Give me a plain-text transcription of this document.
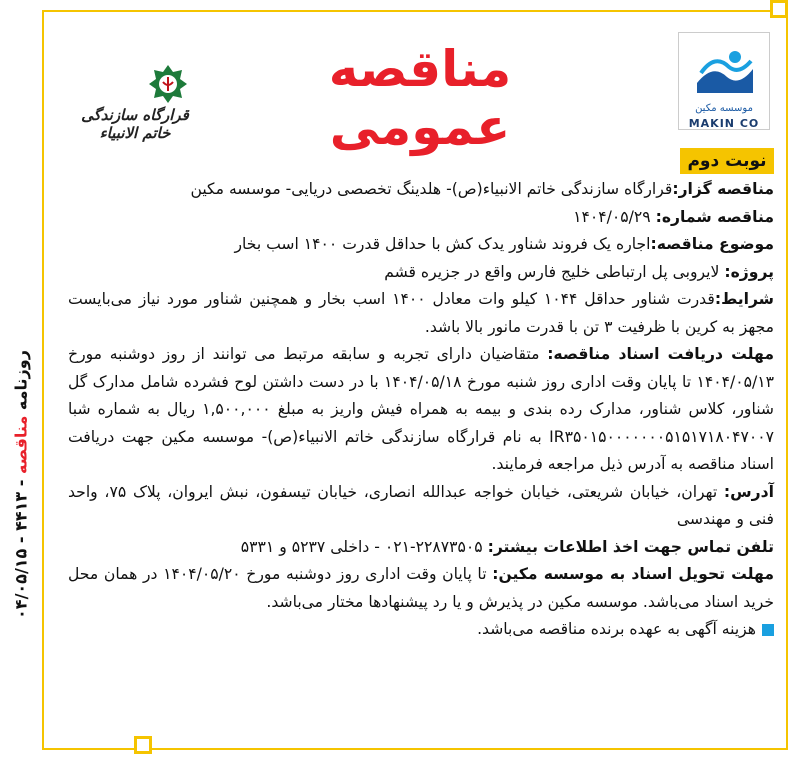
موسسه مکین
MAKIN CO
مناقصه عمومی
قرارگاه سازندگی خاتم الانبیاء
نوبت دوم

مناقصه گزار:قرارگاه سازندگی خاتم الانبیاء(ص)- هلدینگ تخصصی دریایی- موسسه مکین

مناقصه شماره: ۱۴۰۴/۰۵/۲۹

موضوع مناقصه:اجاره یک فروند شناور یدک کش با حداقل قدرت ۱۴۰۰ اسب بخار

پروژه: لایروبی پل ارتباطی خلیج فارس واقع در جزیره قشم

شرایط:قدرت شناور حداقل ۱۰۴۴ کیلو وات معادل ۱۴۰۰ اسب بخار و همچنین شناور مورد نیاز می‌بایست مجهز به کرین با ظرفیت ۳ تن با قدرت مانور بالا باشد.

مهلت دریافت اسناد مناقصه: متقاضیان دارای تجربه و سابقه مرتبط می توانند از روز دوشنبه مورخ ۱۴۰۴/۰۵/۱۳ تا پایان وقت اداری روز شنبه مورخ ۱۴۰۴/۰۵/۱۸ با در دست داشتن لوح فشرده شامل مدارک گل شناور، کلاس شناور، مدارک رده بندی و بیمه به همراه فیش واریز به مبلغ ۱,۵۰۰,۰۰۰ ریال به شماره شبا IR۳۵۰۱۵۰۰۰۰۰۰۰۵۱۵۱۷۱۸۰۴۷۰۰۷ به نام قرارگاه سازندگی خاتم الانبیاء(ص)- موسسه مکین جهت دریافت اسناد مناقصه به آدرس ذیل مراجعه فرمایند.

آدرس: تهران، خیابان شریعتی، خیابان خواجه عبدالله انصاری، خیابان تیسفون، نبش ایروان، پلاک ۷۵، واحد فنی و مهندسی

تلفن تماس جهت اخذ اطلاعات بیشتر: ۲۲۸۷۳۵۰۵-۰۲۱ - داخلی ۵۲۳۷ و ۵۳۳۱

مهلت تحویل اسناد به موسسه مکین: تا پایان وقت اداری روز دوشنبه مورخ ۱۴۰۴/۰۵/۲۰ در همان محل خرید اسناد می‌باشد. موسسه مکین در پذیرش و یا رد پیشنهادها مختار می‌باشد.

هزینه آگهی به عهده برنده مناقصه می‌باشد.

روزنامه مناقصه - ۴۴۱۳ - ۰۴/۰۵/۱۵
